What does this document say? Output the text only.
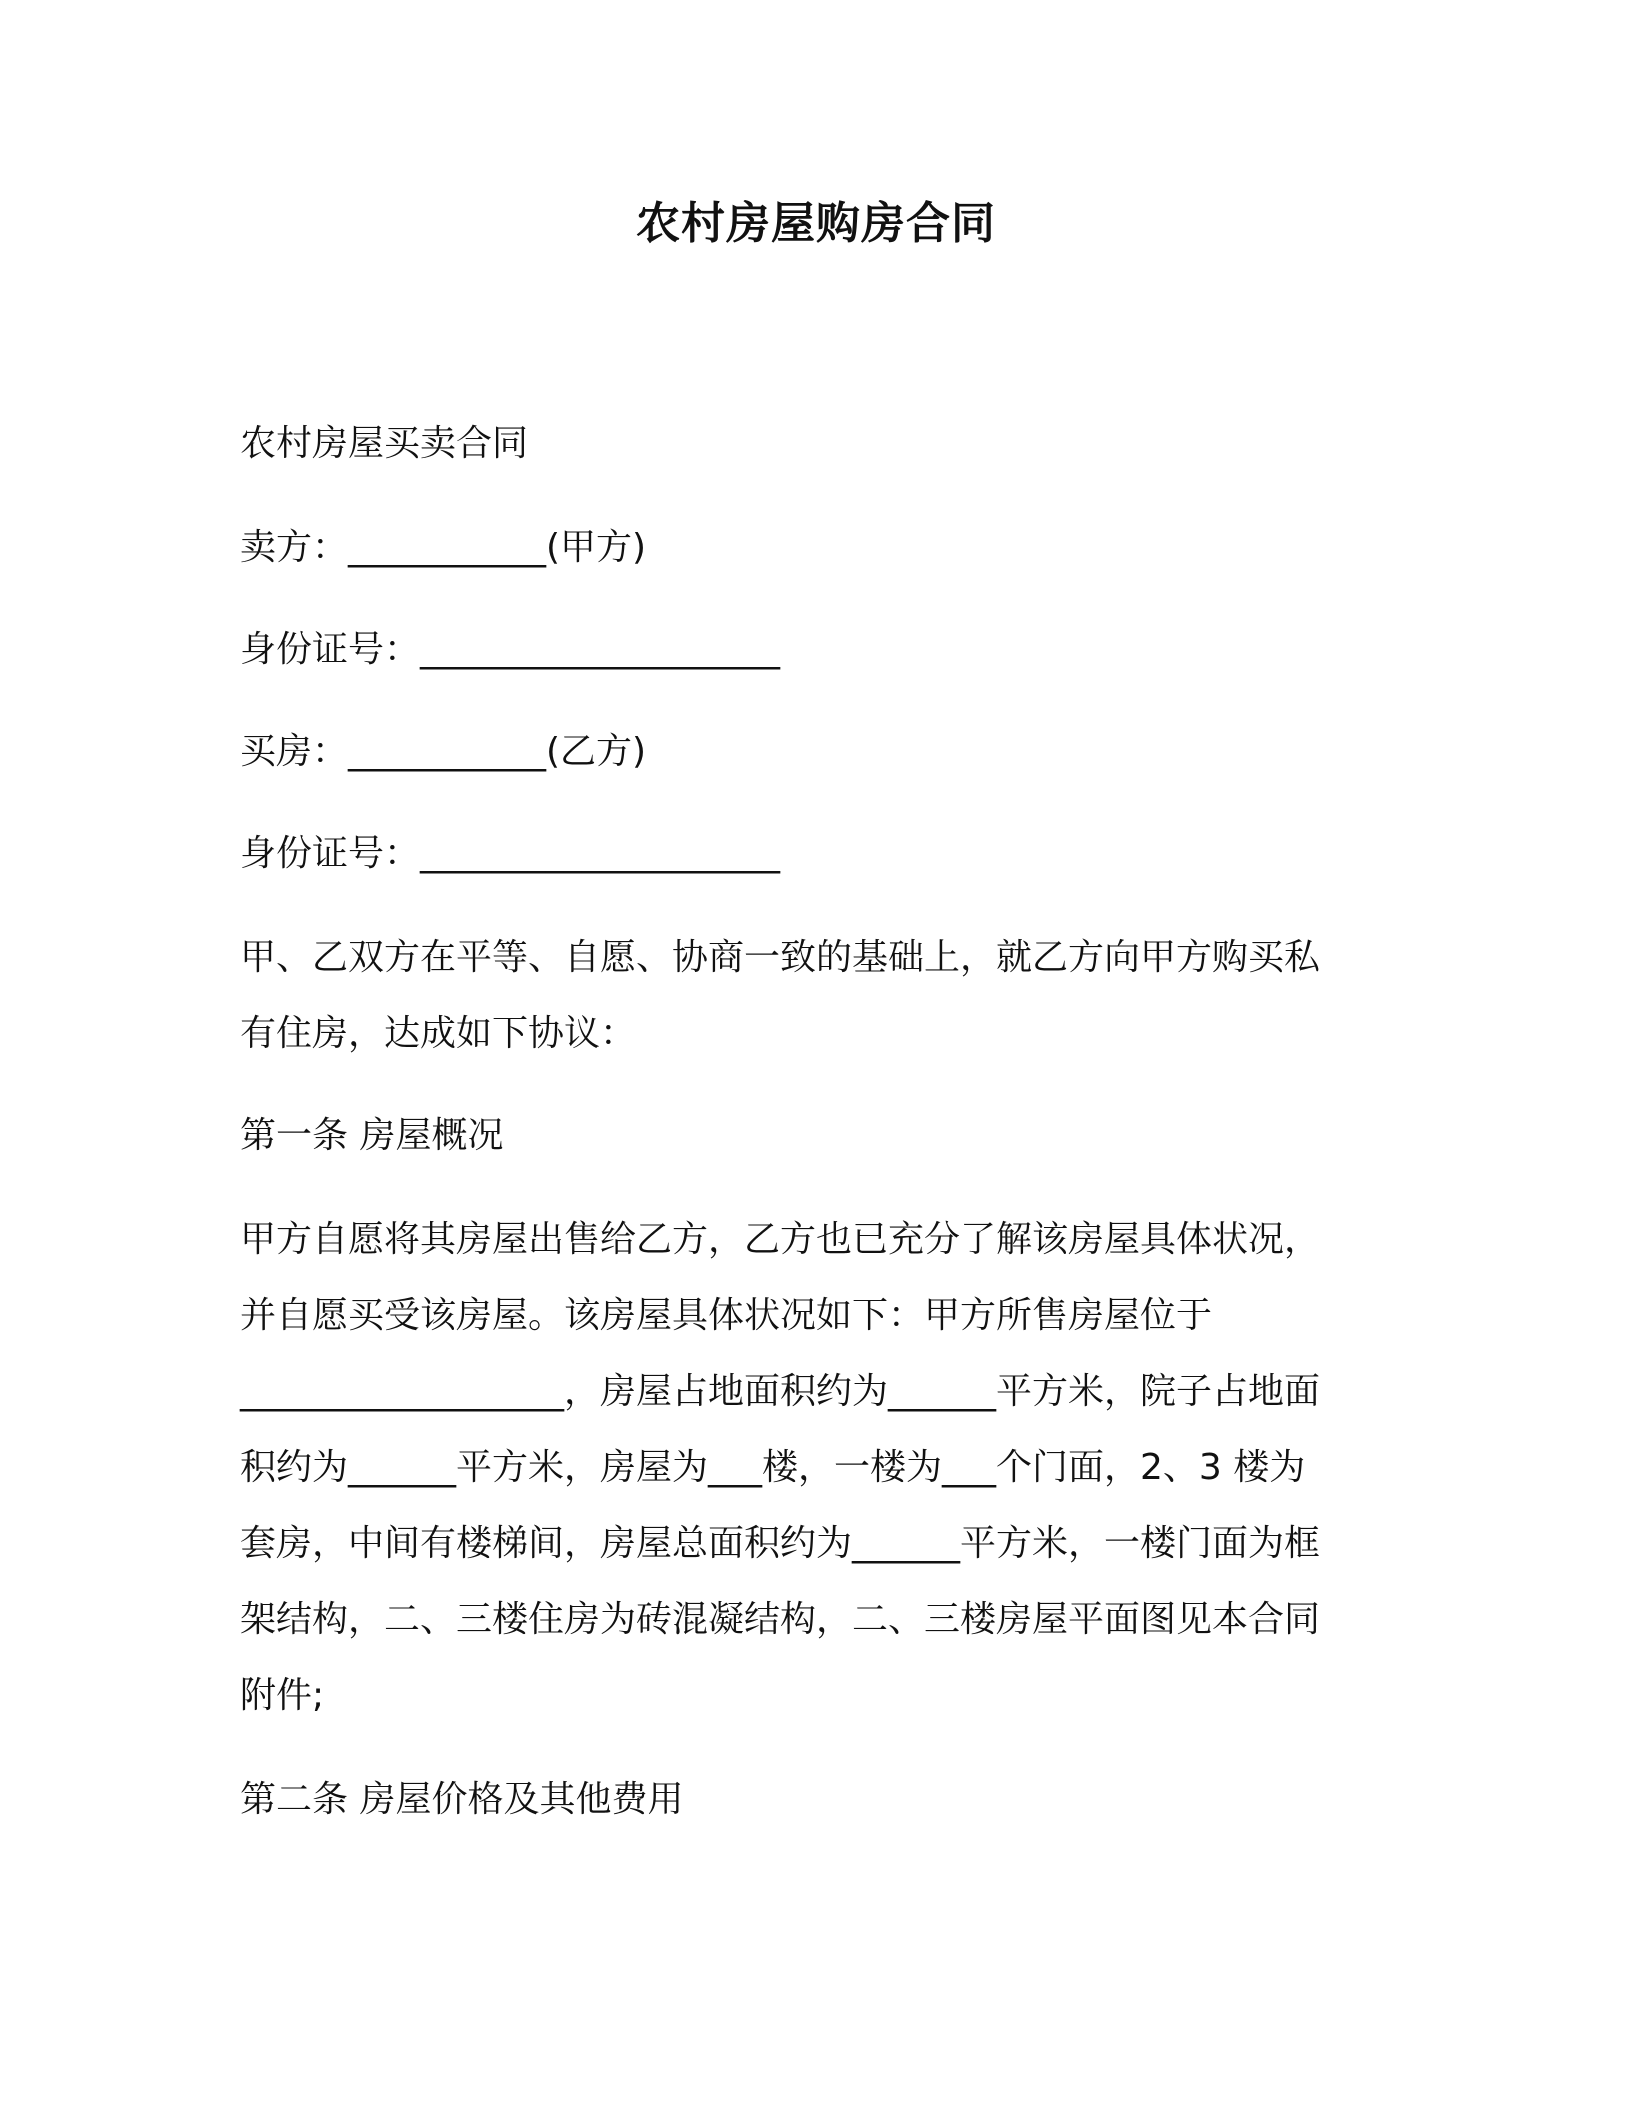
农村房屋购房合同
农村房屋买卖合同
卖方：___________(甲方)
身份证号：____________________
买房：___________(乙方)
身份证号：____________________
甲、乙双方在平等、自愿、协商一致的基础上，就乙方向甲方购买私
有住房，达成如下协议：
第一条 房屋概况
甲方自愿将其房屋出售给乙方，乙方也已充分了解该房屋具体状况，
并自愿买受该房屋。该房屋具体状况如下：甲方所售房屋位于
__________________，房屋占地面积约为______平方米，院子占地面
积约为______平方米，房屋为___楼，一楼为___个门面，2、3 楼为
套房，中间有楼梯间，房屋总面积约为______平方米，一楼门面为框
架结构，二、三楼住房为砖混凝结构，二、三楼房屋平面图见本合同
附件;
第二条 房屋价格及其他费用
